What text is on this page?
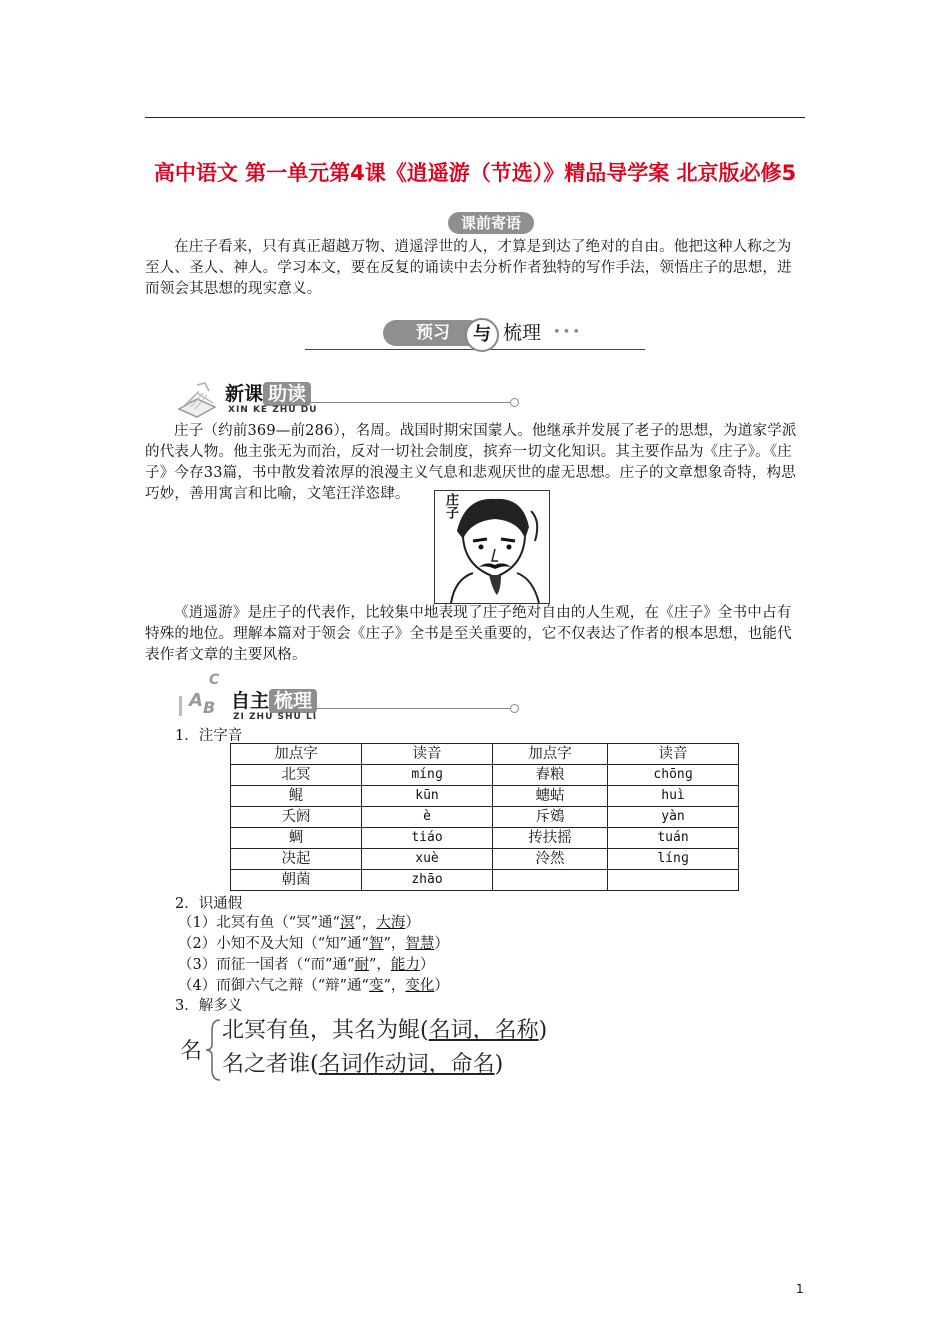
高中语文 第一单元第4课《逍遥游（节选）》精品导学案 北京版必修5
课前寄语
在庄子看来，只有真正超越万物、逍遥浮世的人，才算是到达了绝对的自由。他把这种人称之为至人、圣人、神人。学习本文，要在反复的诵读中去分析作者独特的写作手法，领悟庄子的思想，进而领会其思想的现实意义。
预习	与 梳理 •••
新课 助读
XIN KE ZHU DU
庄子（约前369—前286），名周。战国时期宋国蒙人。他继承并发展了老子的思想，为道家学派的代表人物。他主张无为而治，反对一切社会制度，摈弃一切文化知识。其主要作品为《庄子》。《庄子》今存33篇，书中散发着浓厚的浪漫主义气息和悲观厌世的虚无思想。庄子的文章想象奇特，构思巧妙，善用寓言和比喻，文笔汪洋恣肆。	庄子
《逍遥游》是庄子的代表作，比较集中地表现了庄子绝对自由的人生观，在《庄子》全书中占有特殊的地位。理解本篇对于领会《庄子》全书是至关重要的，它不仅表达了作者的根本思想，也能代表作者文章的主要风格。
C
A B 自主 梳理
ZI ZHU SHU LI
1．注字音
加点字	读音	加点字	读音
北冥	mínɡ	舂粮	chōnɡ
鲲	kūn	蟪蛄	huì
夭阏	è	斥鴳	yàn
蜩	tiáo	抟扶摇	tuán
决起	xuè	泠然	línɡ
朝菌	zhāo		
2．识通假
（1）北冥有鱼（“冥”通“溟”，大海）
（2）小知不及大知（“知”通“智”，智慧）
（3）而征一国者（“而”通“耐”，能力）
（4）而御六气之辩（“辩”通“变”，变化）
3．解多义
名
北冥有鱼，其名为鲲(名词，名称)
名之者谁(名词作动词，命名)
1
